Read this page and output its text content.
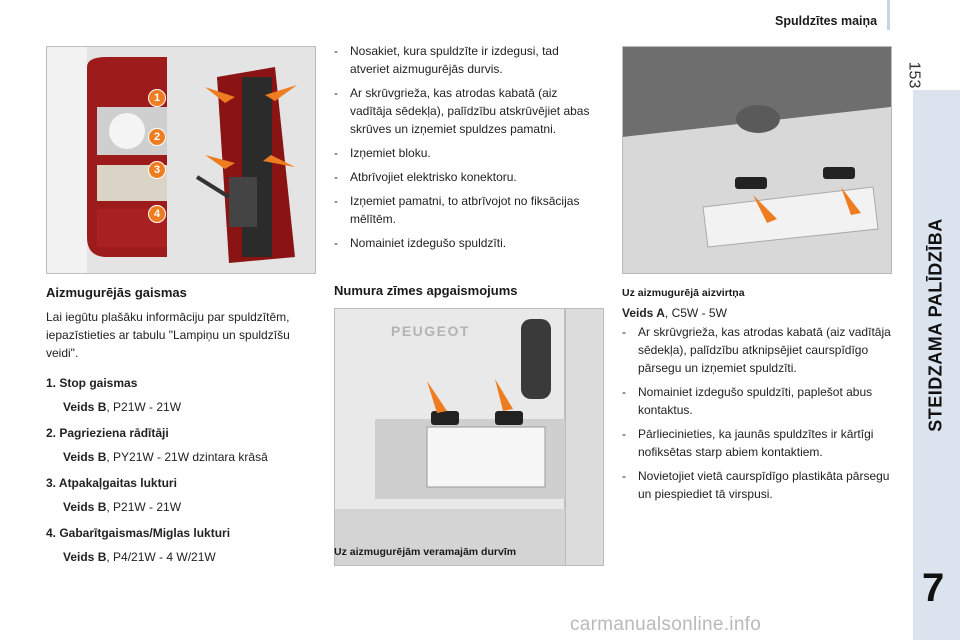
Spuldzītes maiņa
153
STEIDZAMA PALĪDZĪBA
7
1
2
3
4
Aizmugurējās gaismas
Lai iegūtu plašāku informāciju par spuldzītēm, iepazīstieties ar tabulu "Lampiņu un spuldzīšu veidi".
1. Stop gaismas
Veids B, P21W - 21W
2. Pagrieziena rādītāji
Veids B, PY21W - 21W dzintara krāsā
3. Atpakaļgaitas lukturi
Veids B, P21W - 21W
4. Gabarītgaismas/Miglas lukturi
Veids B, P4/21W - 4 W/21W
- Nosakiet, kura spuldzīte ir izdegusi, tad atveriet aizmugurējās durvis.
- Ar skrūvgrieža, kas atrodas kabatā (aiz vadītāja sēdekļa), palīdzību atskrūvējiet abas skrūves un izņemiet spuldzes pamatni.
- Izņemiet bloku.
- Atbrīvojiet elektrisko konektoru.
- Izņemiet pamatni, to atbrīvojot no fiksācijas mēlītēm.
- Nomainiet izdegušo spuldzīti.
Numura zīmes apgaismojums
PEUGEOT
Uz aizmugurējām veramajām durvīm
Uz aizmugurējā aizvirtņa
Veids A, C5W - 5W
- Ar skrūvgrieža, kas atrodas kabatā (aiz vadītāja sēdekļa), palīdzību atknipsējiet caurspīdīgo pārsegu un izņemiet spuldzīti.
- Nomainiet izdegušo spuldzīti, paplešot abus kontaktus.
- Pārliecinieties, ka jaunās spuldzītes ir kārtīgi nofiksētas starp abiem kontaktiem.
- Novietojiet vietā caurspīdīgo plastikāta pārsegu un piespiediet tā virspusi.
carmanualsonline.info
